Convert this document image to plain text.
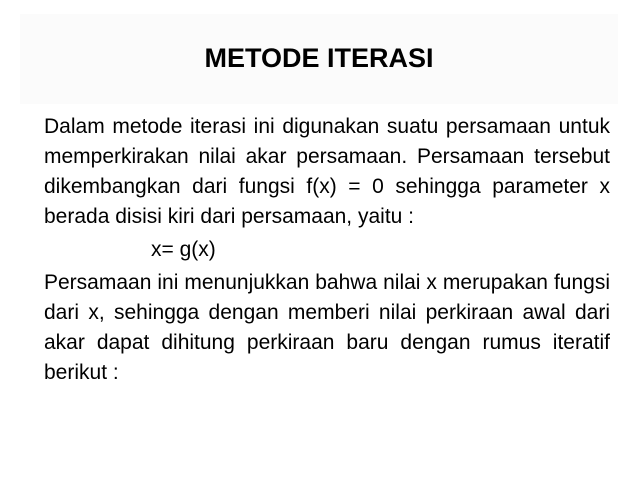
METODE ITERASI

Dalam metode iterasi ini digunakan suatu persamaan untuk memperkirakan nilai akar persamaan. Persamaan tersebut dikembangkan dari fungsi f(x) = 0 sehingga parameter x berada disisi kiri dari persamaan, yaitu :

x= g(x)

Persamaan ini menunjukkan bahwa nilai x merupakan fungsi dari x, sehingga dengan memberi nilai perkiraan awal dari akar dapat dihitung perkiraan baru dengan rumus iteratif berikut :
